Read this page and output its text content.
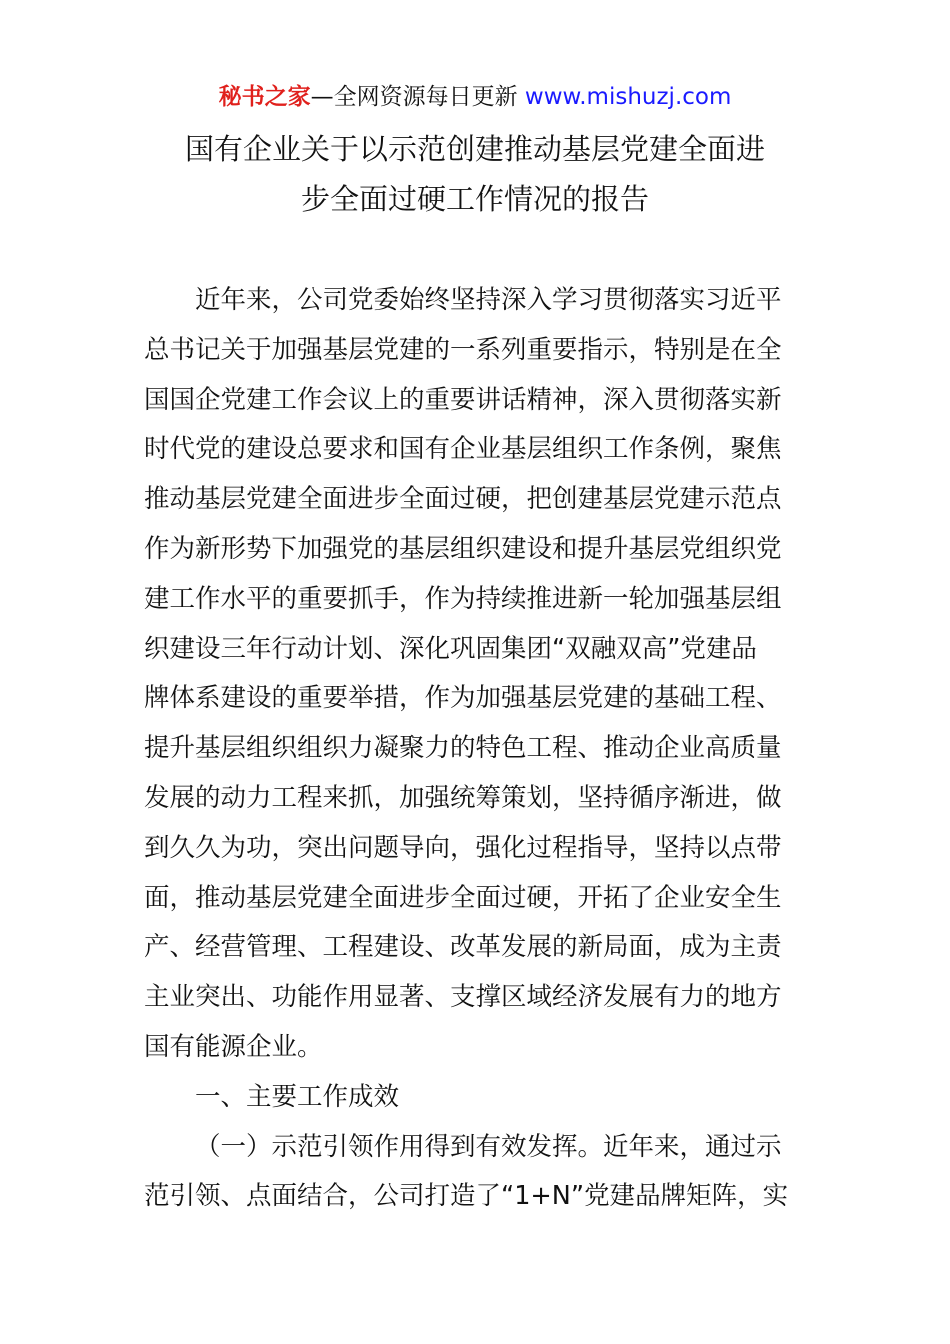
秘书之家—全网资源每日更新 www.mishuzj.com
国有企业关于以示范创建推动基层党建全面进
步全面过硬工作情况的报告
近年来，公司党委始终坚持深入学习贯彻落实习近平
总书记关于加强基层党建的一系列重要指示，特别是在全
国国企党建工作会议上的重要讲话精神，深入贯彻落实新
时代党的建设总要求和国有企业基层组织工作条例，聚焦
推动基层党建全面进步全面过硬，把创建基层党建示范点
作为新形势下加强党的基层组织建设和提升基层党组织党
建工作水平的重要抓手，作为持续推进新一轮加强基层组
织建设三年行动计划、深化巩固集团“双融双高”党建品
牌体系建设的重要举措，作为加强基层党建的基础工程、
提升基层组织组织力凝聚力的特色工程、推动企业高质量
发展的动力工程来抓，加强统筹策划，坚持循序渐进，做
到久久为功，突出问题导向，强化过程指导，坚持以点带
面，推动基层党建全面进步全面过硬，开拓了企业安全生
产、经营管理、工程建设、改革发展的新局面，成为主责
主业突出、功能作用显著、支撑区域经济发展有力的地方
国有能源企业。
一、主要工作成效
（一）示范引领作用得到有效发挥。近年来，通过示
范引领、点面结合，公司打造了“1+N”党建品牌矩阵，实
